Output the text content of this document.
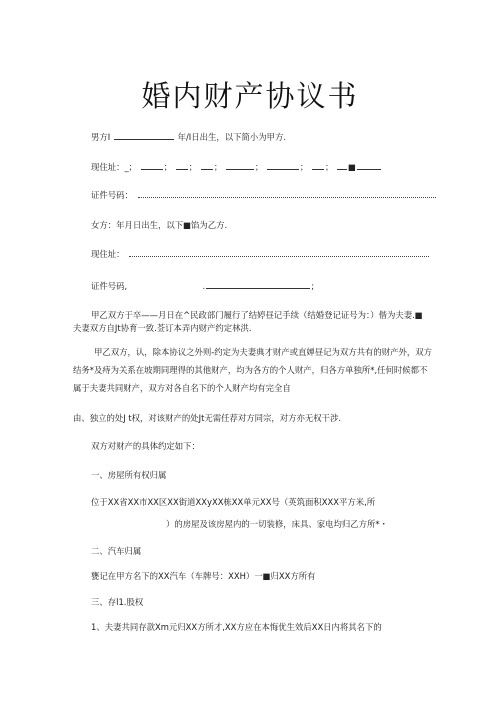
婚内财产协议书
男方I	年/I日出生，以下简小为甲方.
现住址：_；	； ； ；	；	； ； ■
证件号码：
女方：年月日出生，以下■馅为乙方.
现住址：
证件号码,	.	;
甲乙双方于卒——月日在^民政部门履行了结婷昼记手续（结婚登记证号为：）偕为夫妻.■
夫妻双方自Jt协育一致.莶订本弄内财产约定林洪.
甲乙双方，认，除本协议之外则-约定为夫妻典才财产或直婵昼记为双方共有的财产外，双方
结务*及痔为关系在坡期同理得的其他财产，均为各方的个人财产，归各方单独所*,任何时候都不
属于夫妻共同财产，双方对各自名下的个人财产均有完全自
由、独立的处J t权，对该财产的处Jt无需任荐对方同宗，对方亦无权干涉.
双方对财产的具体约定如下：
一、房屋所有权归属
位于XX省XX市XX区XX街道XXyXX栋XX单元XX号（英筑面积XXX平方米,所
）的房屋及该房屋内的一切装修，床具、家电均归乙方所*・
二、汽车归属
甕记在甲方名下的XX汽车（车牌号：XXH）一■归XX方所有
三、存l1.股权
1、夫妻共同存款Xm元归XX方所才,XX方应在本悔优生效后XX日内将其名下的
